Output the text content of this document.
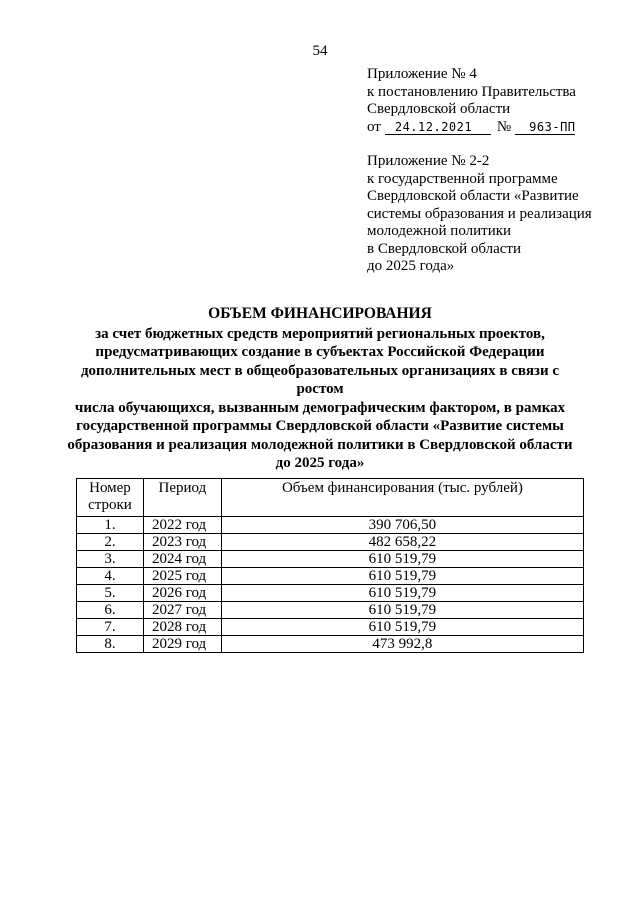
54
Приложение № 4
к постановлению Правительства
Свердловской области
от 24.12.2021 № 963-ПП
Приложение № 2-2
к государственной программе
Свердловской области «Развитие
системы образования и реализация
молодежной политики
в Свердловской области
до 2025 года»
ОБЪЕМ ФИНАНСИРОВАНИЯ
за счет бюджетных средств мероприятий региональных проектов,
предусматривающих создание в субъектах Российской Федерации
дополнительных мест в общеобразовательных организациях в связи с ростом
числа обучающихся, вызванным демографическим фактором, в рамках
государственной программы Свердловской области «Развитие системы
образования и реализация молодежной политики в Свердловской области
до 2025 года»
Номер
строки	Период	Объем финансирования (тыс. рублей)
1.	2022 год	390 706,50
2.	2023 год	482 658,22
3.	2024 год	610 519,79
4.	2025 год	610 519,79
5.	2026 год	610 519,79
6.	2027 год	610 519,79
7.	2028 год	610 519,79
8.	2029 год	473 992,8
